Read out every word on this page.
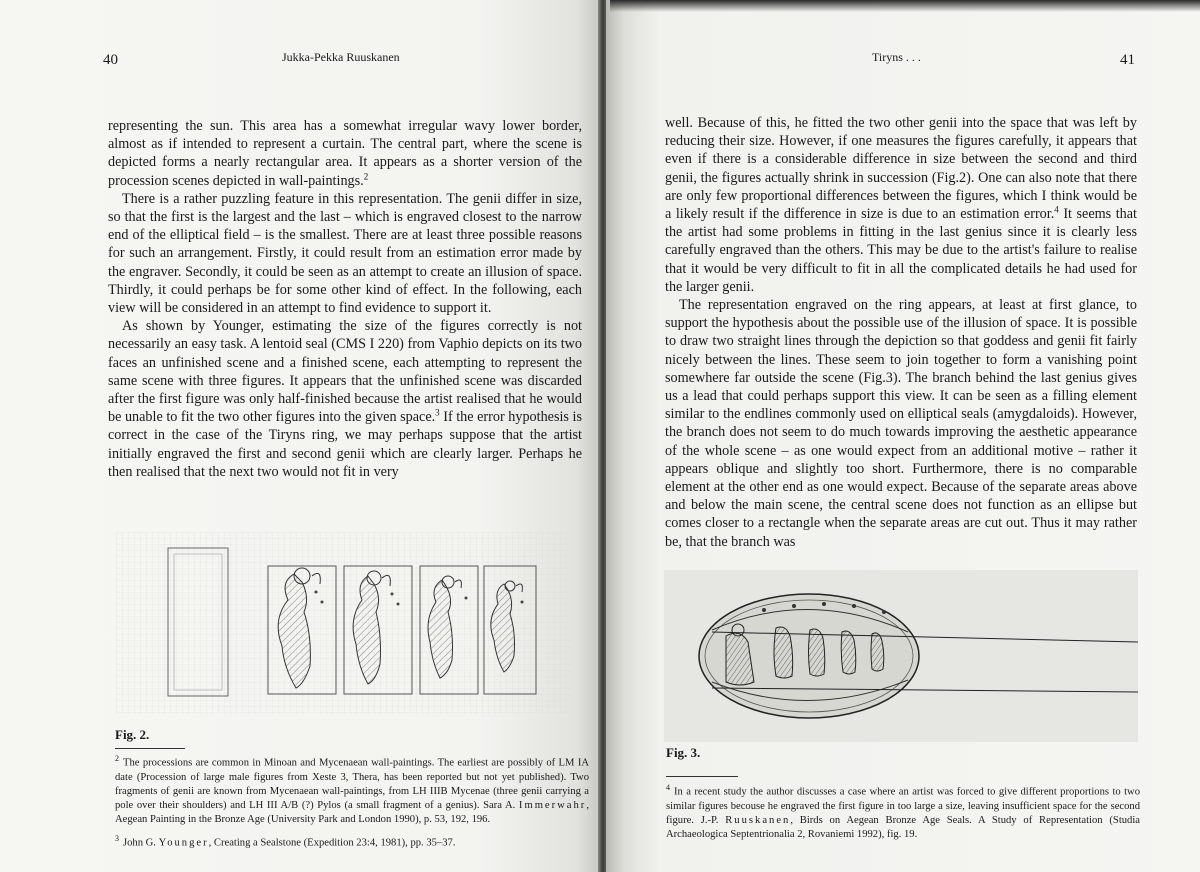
40	Jukka-Pekka Ruuskanen

representing the sun. This area has a somewhat irregular wavy lower border, almost as if intended to represent a curtain. The central part, where the scene is depicted forms a nearly rectangular area. It appears as a shorter version of the procession scenes depicted in wall-paintings.$^2$

There is a rather puzzling feature in this representation. The genii differ in size, so that the first is the largest and the last – which is engraved closest to the narrow end of the elliptical field – is the smallest. There are at least three possible reasons for such an arrangement. Firstly, it could result from an estimation error made by the engraver. Secondly, it could be seen as an attempt to create an illusion of space. Thirdly, it could perhaps be for some other kind of effect. In the following, each view will be considered in an attempt to find evidence to support it.

As shown by Younger, estimating the size of the figures correctly is not necessarily an easy task. A lentoid seal (CMS I 220) from Vaphio depicts on its two faces an unfinished scene and a finished scene, each attempting to represent the same scene with three figures. It appears that the unfinished scene was discarded after the first figure was only half-finished because the artist realised that he would be unable to fit the two other figures into the given space.$^3$ If the error hypothesis is correct in the case of the Tiryns ring, we may perhaps suppose that the artist initially engraved the first and second genii which are clearly larger. Perhaps he then realised that the next two would not fit in very

Fig. 2.
$^2$ The processions are common in Minoan and Mycenaean wall-paintings. The earliest are possibly of LM IA date (Procession of large male figures from Xeste 3, Thera, has been reported but not yet published). Two fragments of genii are known from Mycenaean wall-paintings, from LH IIIB Mycenae (three genii carrying a pole over their shoulders) and LH III A/B (?) Pylos (a small fragment of a genius). Sara A. Immerwahr, Aegean Painting in the Bronze Age (University Park and London 1990), p. 53, 192, 196.
$^3$ John G. Younger, Creating a Sealstone (Expedition 23:4, 1981), pp. 35–37.
Tiryns . . .	41

well. Because of this, he fitted the two other genii into the space that was left by reducing their size. However, if one measures the figures carefully, it appears that even if there is a considerable difference in size between the second and third genii, the figures actually shrink in succession (Fig.2). One can also note that there are only few proportional differences between the figures, which I think would be a likely result if the difference in size is due to an estimation error.$^4$ It seems that the artist had some problems in fitting in the last genius since it is clearly less carefully engraved than the others. This may be due to the artist's failure to realise that it would be very difficult to fit in all the complicated details he had used for the larger genii.

The representation engraved on the ring appears, at least at first glance, to support the hypothesis about the possible use of the illusion of space. It is possible to draw two straight lines through the depiction so that goddess and genii fit fairly nicely between the lines. These seem to join together to form a vanishing point somewhere far outside the scene (Fig.3). The branch behind the last genius gives us a lead that could perhaps support this view. It can be seen as a filling element similar to the endlines commonly used on elliptical seals (amygdaloids). However, the branch does not seem to do much towards improving the aesthetic appearance of the whole scene – as one would expect from an additional motive – rather it appears oblique and slightly too short. Furthermore, there is no comparable element at the other end as one would expect. Because of the separate areas above and below the main scene, the central scene does not function as an ellipse but comes closer to a rectangle when the separate areas are cut out. Thus it may rather be, that the branch was

Fig. 3.
$^4$ In a recent study the author discusses a case where an artist was forced to give different proportions to two similar figures becouse he engraved the first figure in too large a size, leaving insufficient space for the second figure. J.-P. Ruuskanen, Birds on Aegean Bronze Age Seals. A Study of Representation (Studia Archaeologica Septentrionalia 2, Rovaniemi 1992), fig. 19.
